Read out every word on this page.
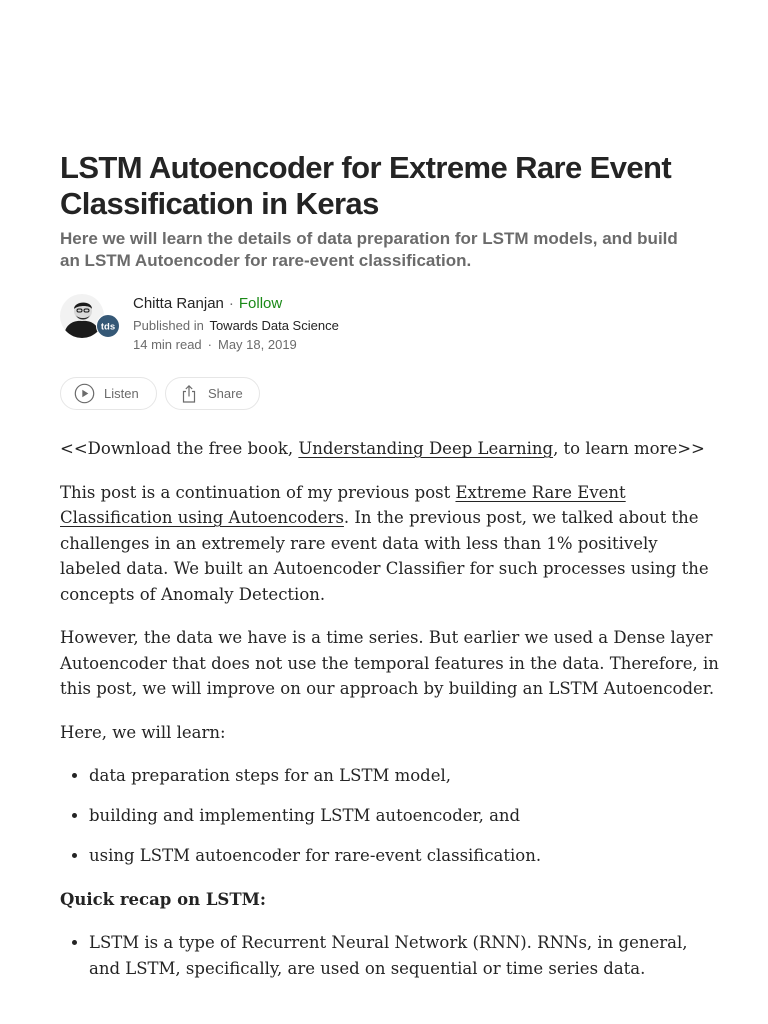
LSTM Autoencoder for Extreme Rare Event Classification in Keras
Here we will learn the details of data preparation for LSTM models, and build an LSTM Autoencoder for rare-event classification.
tds
Chitta Ranjan · Follow
Published in Towards Data Science
14 min read · May 18, 2019
Listen	Share

<<Download the free book, Understanding Deep Learning, to learn more>>

This post is a continuation of my previous post Extreme Rare Event Classification using Autoencoders. In the previous post, we talked about the challenges in an extremely rare event data with less than 1% positively labeled data. We built an Autoencoder Classifier for such processes using the concepts of Anomaly Detection.

However, the data we have is a time series. But earlier we used a Dense layer Autoencoder that does not use the temporal features in the data. Therefore, in this post, we will improve on our approach by building an LSTM Autoencoder.

Here, we will learn:

• data preparation steps for an LSTM model,
• building and implementing LSTM autoencoder, and
• using LSTM autoencoder for rare-event classification.

Quick recap on LSTM:

• LSTM is a type of Recurrent Neural Network (RNN). RNNs, in general, and LSTM, specifically, are used on sequential or time series data.
